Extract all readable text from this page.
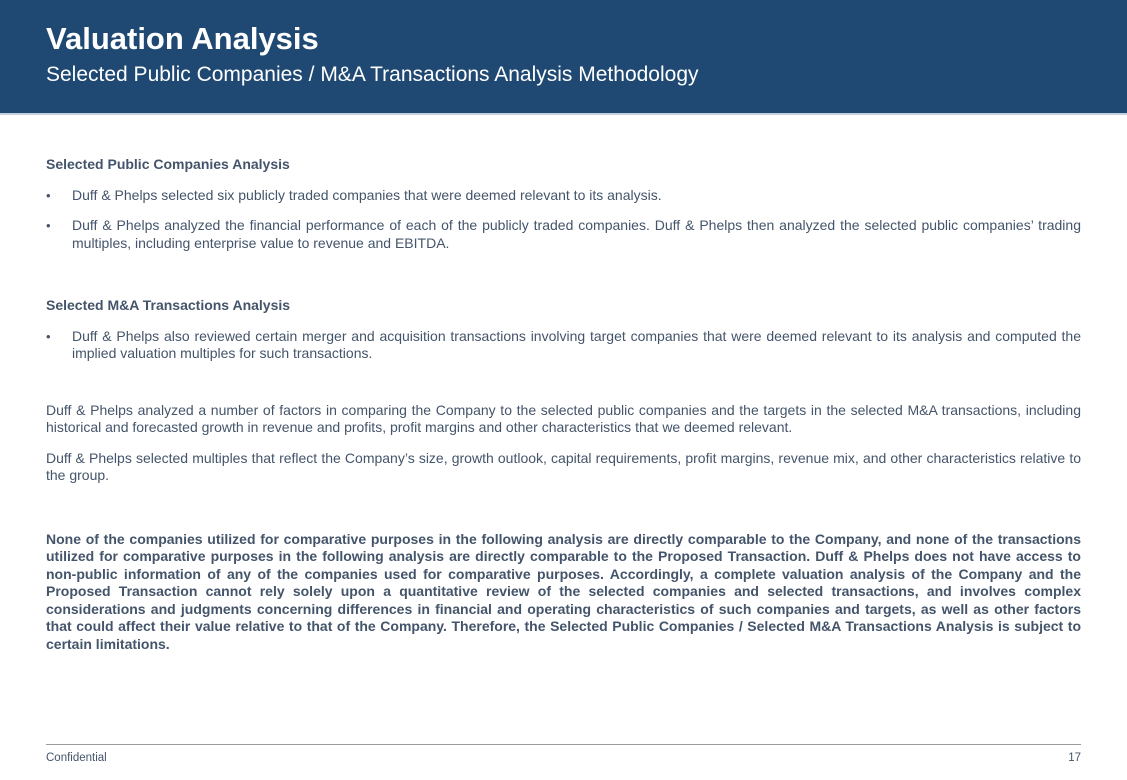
Valuation Analysis
Selected Public Companies / M&A Transactions Analysis Methodology
Selected Public Companies Analysis
•	Duff & Phelps selected six publicly traded companies that were deemed relevant to its analysis.
•	Duff & Phelps analyzed the financial performance of each of the publicly traded companies. Duff & Phelps then analyzed the selected public companies’ trading multiples, including enterprise value to revenue and EBITDA.
Selected M&A Transactions Analysis
•	Duff & Phelps also reviewed certain merger and acquisition transactions involving target companies that were deemed relevant to its analysis and computed the implied valuation multiples for such transactions.

Duff & Phelps analyzed a number of factors in comparing the Company to the selected public companies and the targets in the selected M&A transactions, including historical and forecasted growth in revenue and profits, profit margins and other characteristics that we deemed relevant.

Duff & Phelps selected multiples that reflect the Company’s size, growth outlook, capital requirements, profit margins, revenue mix, and other characteristics relative to the group.

None of the companies utilized for comparative purposes in the following analysis are directly comparable to the Company, and none of the transactions utilized for comparative purposes in the following analysis are directly comparable to the Proposed Transaction. Duff & Phelps does not have access to non-public information of any of the companies used for comparative purposes. Accordingly, a complete valuation analysis of the Company and the Proposed Transaction cannot rely solely upon a quantitative review of the selected companies and selected transactions, and involves complex considerations and judgments concerning differences in financial and operating characteristics of such companies and targets, as well as other factors that could affect their value relative to that of the Company. Therefore, the Selected Public Companies / Selected M&A Transactions Analysis is subject to certain limitations.

Confidential	17
